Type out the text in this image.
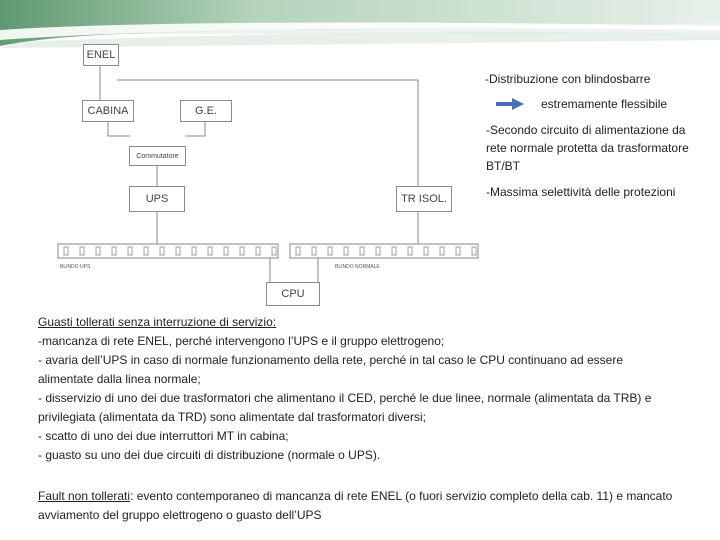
ENEL
CABINA	G.E.
Commutatore
UPS	TR ISOL.
CPU
BLINDO UPS	BLINDO NORMALE
-Distribuzione con blindosbarre
estremamente flessibile
-Secondo circuito di alimentazione da rete normale protetta da trasformatore BT/BT
-Massima selettività delle protezioni

Guasti tollerati senza interruzione di servizio:

-mancanza di rete ENEL, perché intervengono l’UPS e il gruppo elettrogeno;

- avaria dell’UPS in caso di normale funzionamento della rete, perché in tal caso le CPU continuano ad essere alimentate dalla linea normale;

- disservizio di uno dei due trasformatori che alimentano il CED, perché le due linee, normale (alimentata da TRB) e privilegiata (alimentata da TRD) sono alimentate dal trasformatori diversi;

- scatto di uno dei due interruttori MT in cabina;

- guasto su uno dei due circuiti di distribuzione (normale o UPS).

Fault non tollerati: evento contemporaneo di mancanza di rete ENEL (o fuori servizio completo della cab. 11) e mancato avviamento del gruppo elettrogeno o guasto dell’UPS
